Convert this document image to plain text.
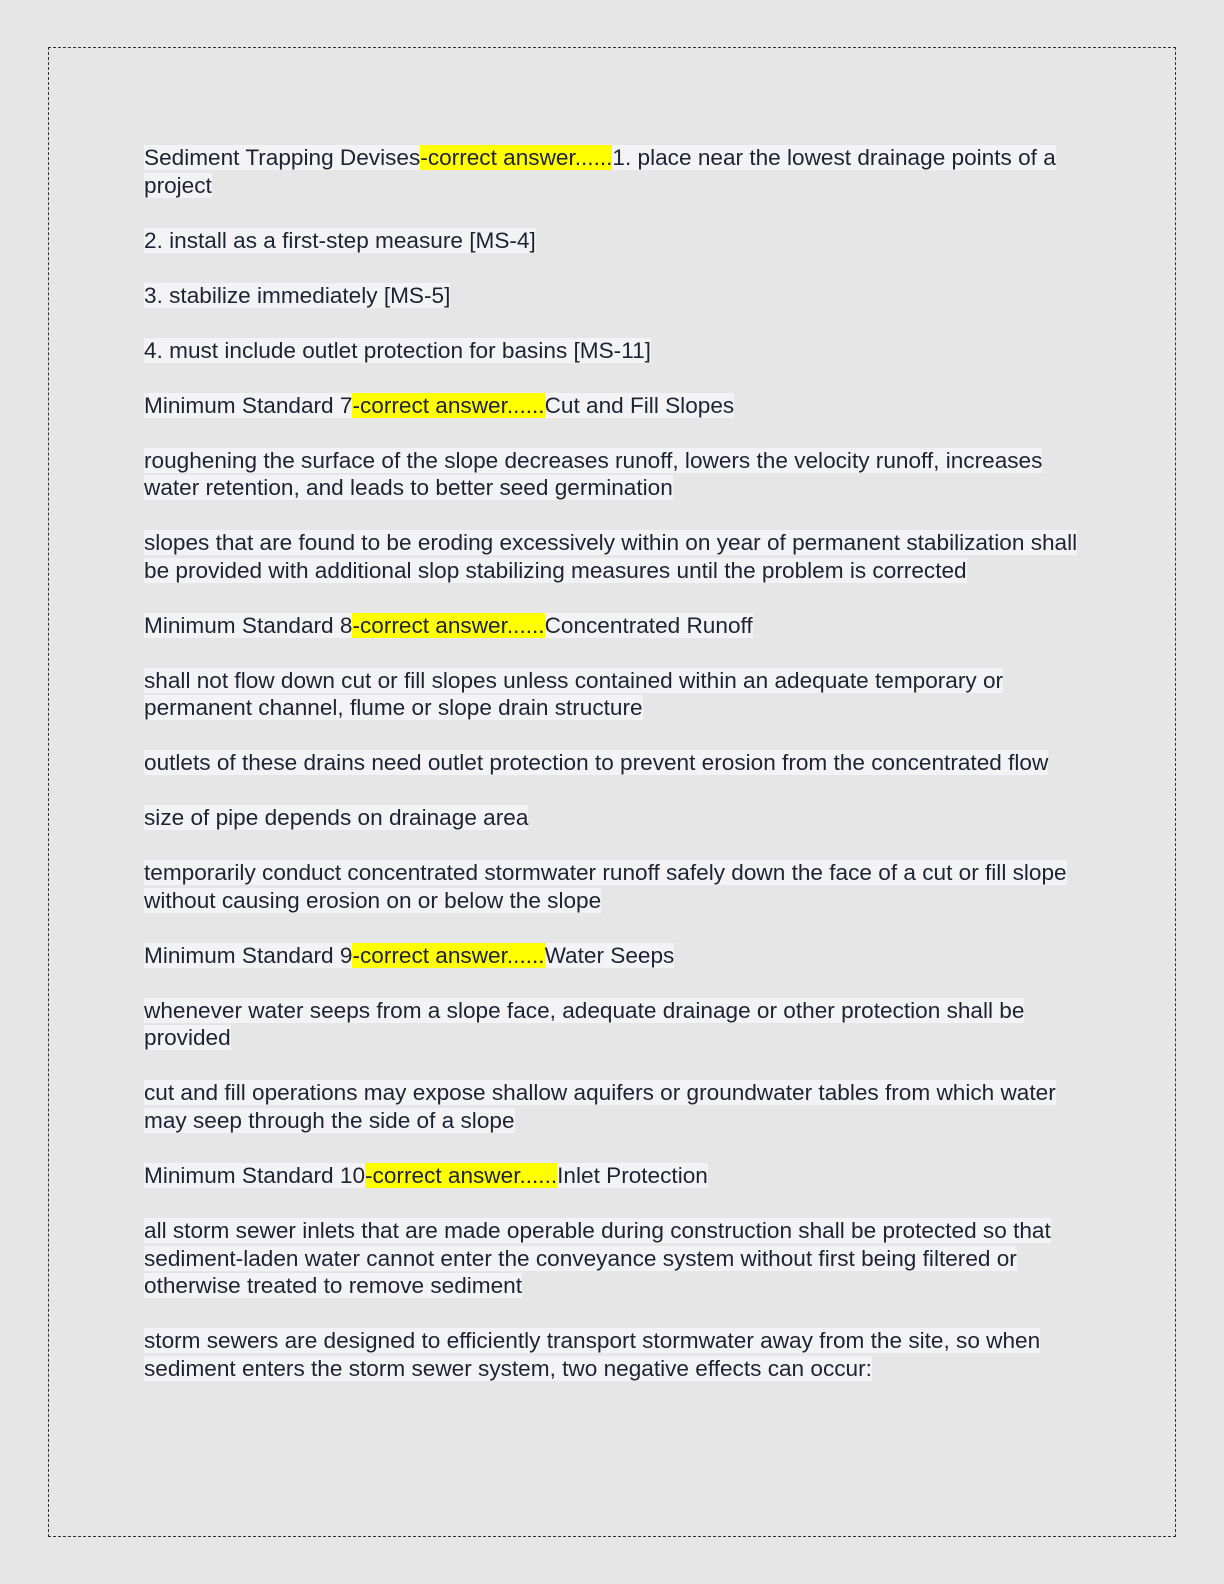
Sediment Trapping Devises-correct answer......1. place near the lowest drainage points of a project

2. install as a first-step measure [MS-4]

3. stabilize immediately [MS-5]

4. must include outlet protection for basins [MS-11]

Minimum Standard 7-correct answer......Cut and Fill Slopes

roughening the surface of the slope decreases runoff, lowers the velocity runoff, increases water retention, and leads to better seed germination

slopes that are found to be eroding excessively within on year of permanent stabilization shall be provided with additional slop stabilizing measures until the problem is corrected

Minimum Standard 8-correct answer......Concentrated Runoff

shall not flow down cut or fill slopes unless contained within an adequate temporary or permanent channel, flume or slope drain structure

outlets of these drains need outlet protection to prevent erosion from the concentrated flow

size of pipe depends on drainage area

temporarily conduct concentrated stormwater runoff safely down the face of a cut or fill slope without causing erosion on or below the slope

Minimum Standard 9-correct answer......Water Seeps

whenever water seeps from a slope face, adequate drainage or other protection shall be provided

cut and fill operations may expose shallow aquifers or groundwater tables from which water may seep through the side of a slope

Minimum Standard 10-correct answer......Inlet Protection

all storm sewer inlets that are made operable during construction shall be protected so that sediment-laden water cannot enter the conveyance system without first being filtered or otherwise treated to remove sediment

storm sewers are designed to efficiently transport stormwater away from the site, so when sediment enters the storm sewer system, two negative effects can occur:
